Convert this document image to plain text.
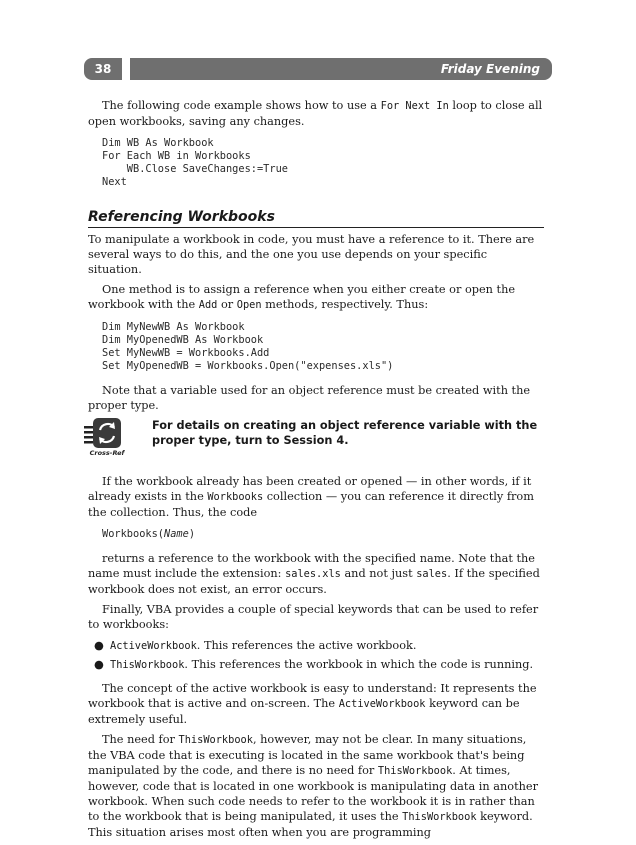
38	Friday Evening

The following code example shows how to use a For Next In loop to close all open workbooks, saving any changes.

Dim WB As Workbook
For Each WB in Workbooks
WB.Close SaveChanges:=True
Next
Referencing Workbooks

To manipulate a workbook in code, you must have a reference to it. There are several ways to do this, and the one you use depends on your specific situation.

One method is to assign a reference when you either create or open the workbook with the Add or Open methods, respectively. Thus:

Dim MyNewWB As Workbook
Dim MyOpenedWB As Workbook
Set MyNewWB = Workbooks.Add
Set MyOpenedWB = Workbooks.Open("expenses.xls")

Note that a variable used for an object reference must be created with the proper type.

Cross-Ref
For details on creating an object reference variable with the proper type, turn to Session 4.

If the workbook already has been created or opened — in other words, if it already exists in the Workbooks collection — you can reference it directly from the collection. Thus, the code

Workbooks(Name)

returns a reference to the workbook with the specified name. Note that the name must include the extension: sales.xls and not just sales. If the specified workbook does not exist, an error occurs.

Finally, VBA provides a couple of special keywords that can be used to refer to workbooks:

● ActiveWorkbook. This references the active workbook.
● ThisWorkbook. This references the workbook in which the code is running.

The concept of the active workbook is easy to understand: It represents the workbook that is active and on-screen. The ActiveWorkbook keyword can be extremely useful.

The need for ThisWorkbook, however, may not be clear. In many situations, the VBA code that is executing is located in the same workbook that's being manipulated by the code, and there is no need for ThisWorkbook. At times, however, code that is located in one workbook is manipulating data in another workbook. When such code needs to refer to the workbook it is in rather than to the workbook that is being manipulated, it uses the ThisWorkbook keyword. This situation arises most often when you are programming
